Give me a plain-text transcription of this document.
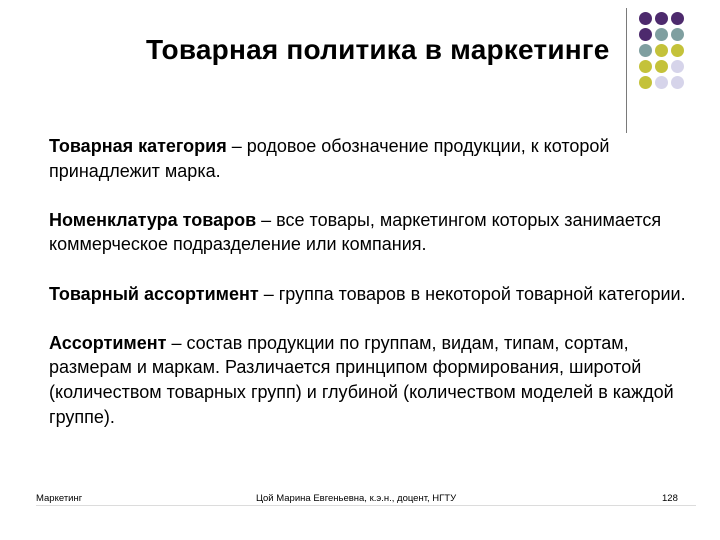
Товарная политика в маркетинге

Товарная категория – родовое обозначение продукции, к которой принадлежит марка.

Номенклатура товаров – все товары, маркетингом которых занимается коммерческое подразделение или компания.

Товарный ассортимент – группа товаров в некоторой товарной категории.

Ассортимент – состав продукции по группам, видам, типам, сортам, размерам и маркам. Различается принципом формирования, широтой (количеством товарных групп) и глубиной (количеством моделей в каждой группе).

Маркетинг	Цой Марина Евгеньевна, к.э.н., доцент, НГТУ	128
